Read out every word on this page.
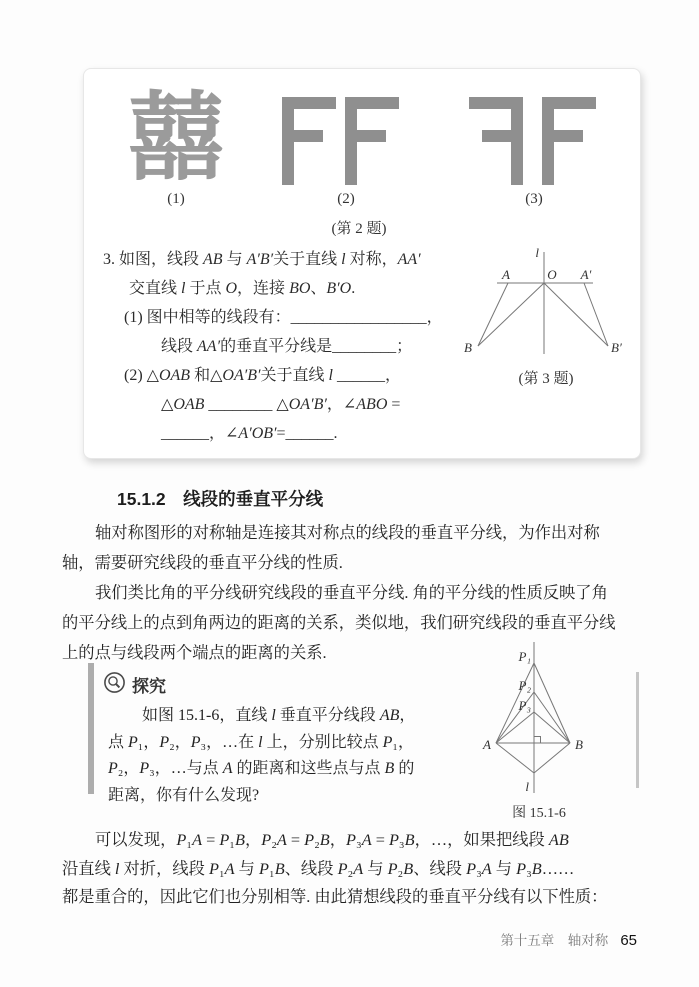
囍
(1)	(2)	(3)
(第 2 题)
3. 如图，线段 AB 与 A′B′关于直线 l 对称，AA′
交直线 l 于点 O，连接 BO、B′O.
(1) 图中相等的线段有：_________________，
线段 AA′的垂直平分线是________；
(2) △OAB 和△OA′B′关于直线 l ______，
△OAB ________ △OA′B′，∠ABO =
______，∠A′OB′=______.
l
A	O A′
B	B′
(第 3 题)
15.1.2　线段的垂直平分线
轴对称图形的对称轴是连接其对称点的线段的垂直平分线，为作出对称
轴，需要研究线段的垂直平分线的性质.
我们类比角的平分线研究线段的垂直平分线. 角的平分线的性质反映了角
的平分线上的点到角两边的距离的关系，类似地，我们研究线段的垂直平分线
上的点与线段两个端点的距离的关系.
探究
如图 15.1-6，直线 l 垂直平分线段 AB，
点 P₁，P₂，P₃，…在 l 上，分别比较点 P₁，
P₂，P₃，…与点 A 的距离和这些点与点 B 的
距离，你有什么发现?
P₁
P₂
P₃
A	B
l
图 15.1-6
可以发现，P₁A = P₁B，P₂A = P₂B，P₃A = P₃B，…，如果把线段 AB
沿直线 l 对折，线段 P₁A 与 P₁B、线段 P₂A 与 P₂B、线段 P₃A 与 P₃B……
都是重合的，因此它们也分别相等. 由此猜想线段的垂直平分线有以下性质：
第十五章　轴对称 65
